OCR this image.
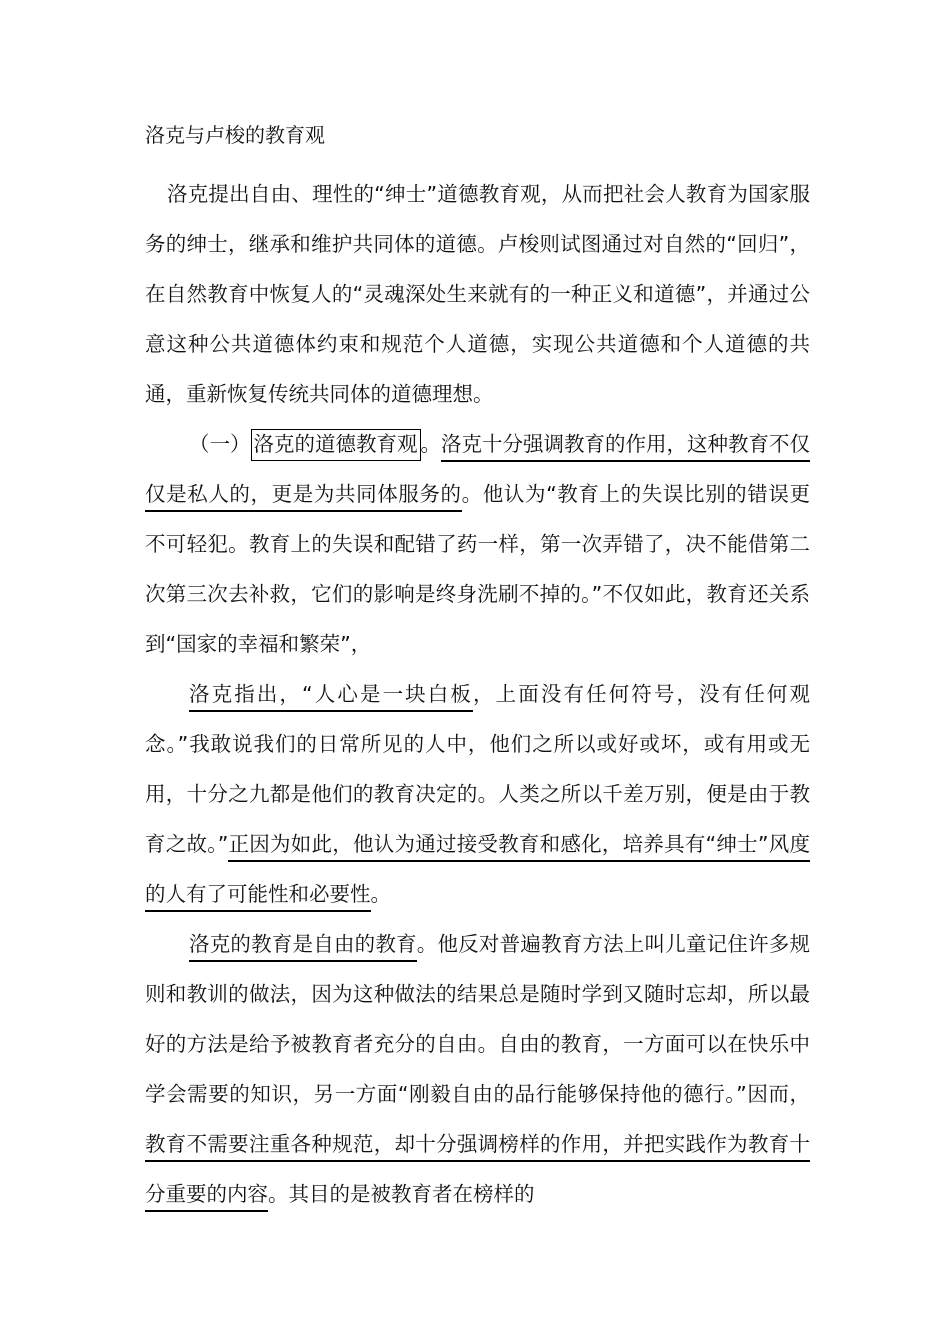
洛克与卢梭的教育观

洛克提出自由、理性的“绅士”道德教育观，从而把社会人教育为国家服务的绅士，继承和维护共同体的道德。卢梭则试图通过对自然的“回归”，在自然教育中恢复人的“灵魂深处生来就有的一种正义和道德”，并通过公意这种公共道德体约束和规范个人道德，实现公共道德和个人道德的共通，重新恢复传统共同体的道德理想。

（一） 洛克的道德教育观 。洛克十分强调教育的作用，这种教育不仅仅是私人的，更是为共同体服务的。他认为“教育上的失误比别的错误更不可轻犯。教育上的失误和配错了药一样，第一次弄错了，决不能借第二次第三次去补救，它们的影响是终身洗刷不掉的。”不仅如此，教育还关系到“国家的幸福和繁荣”，

洛克指出，“人心是一块白板，上面没有任何符号，没有任何观念。”我敢说我们的日常所见的人中，他们之所以或好或坏，或有用或无用，十分之九都是他们的教育决定的。人类之所以千差万别，便是由于教育之故。”正因为如此，他认为通过接受教育和感化，培养具有“绅士”风度的人有了可能性和必要性。

洛克的教育是自由的教育。他反对普遍教育方法上叫儿童记住许多规则和教训的做法，因为这种做法的结果总是随时学到又随时忘却，所以最好的方法是给予被教育者充分的自由。自由的教育，一方面可以在快乐中学会需要的知识，另一方面“刚毅自由的品行能够保持他的德行。”因而，教育不需要注重各种规范，却十分强调榜样的作用，并把实践作为教育十分重要的内容。其目的是被教育者在榜样的
